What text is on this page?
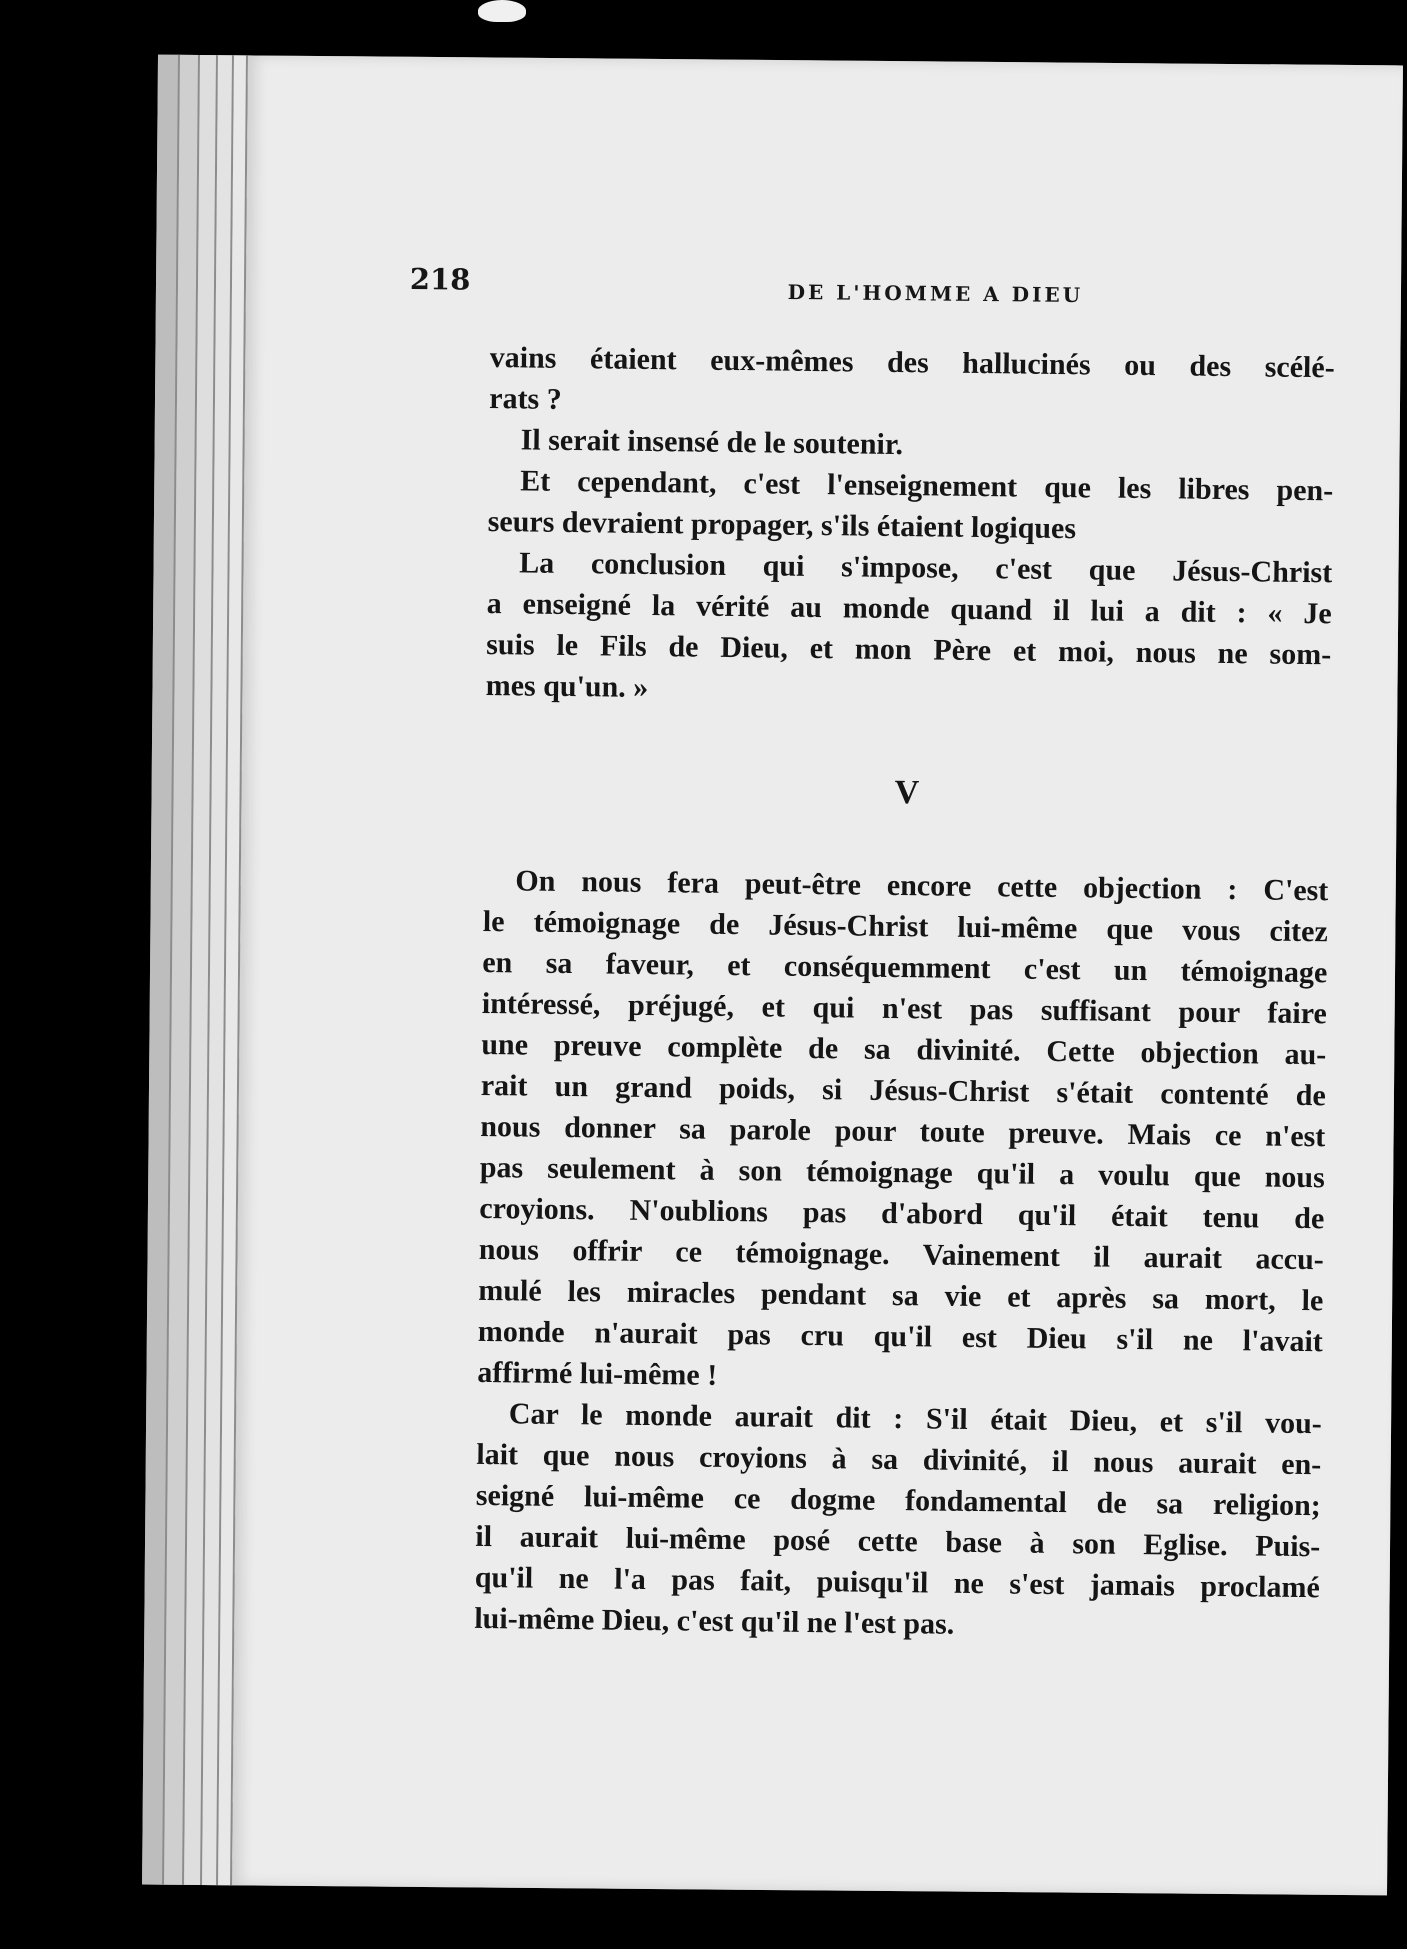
218	DE L'HOMME A DIEU
vains étaient eux-mêmes des hallucinés ou des scélé-
rats ?
Il serait insensé de le soutenir.
Et cependant, c'est l'enseignement que les libres pen-
seurs devraient propager, s'ils étaient logiques
La conclusion qui s'impose, c'est que Jésus-Christ
a enseigné la vérité au monde quand il lui a dit : « Je
suis le Fils de Dieu, et mon Père et moi, nous ne som-
mes qu'un. »
V
On nous fera peut-être encore cette objection : C'est
le témoignage de Jésus-Christ lui-même que vous citez
en sa faveur, et conséquemment c'est un témoignage
intéressé, préjugé, et qui n'est pas suffisant pour faire
une preuve complète de sa divinité. Cette objection au-
rait un grand poids, si Jésus-Christ s'était contenté de
nous donner sa parole pour toute preuve. Mais ce n'est
pas seulement à son témoignage qu'il a voulu que nous
croyions. N'oublions pas d'abord qu'il était tenu de
nous offrir ce témoignage. Vainement il aurait accu-
mulé les miracles pendant sa vie et après sa mort, le
monde n'aurait pas cru qu'il est Dieu s'il ne l'avait
affirmé lui-même !
Car le monde aurait dit : S'il était Dieu, et s'il vou-
lait que nous croyions à sa divinité, il nous aurait en-
seigné lui-même ce dogme fondamental de sa religion;
il aurait lui-même posé cette base à son Eglise. Puis-
qu'il ne l'a pas fait, puisqu'il ne s'est jamais proclamé
lui-même Dieu, c'est qu'il ne l'est pas.
